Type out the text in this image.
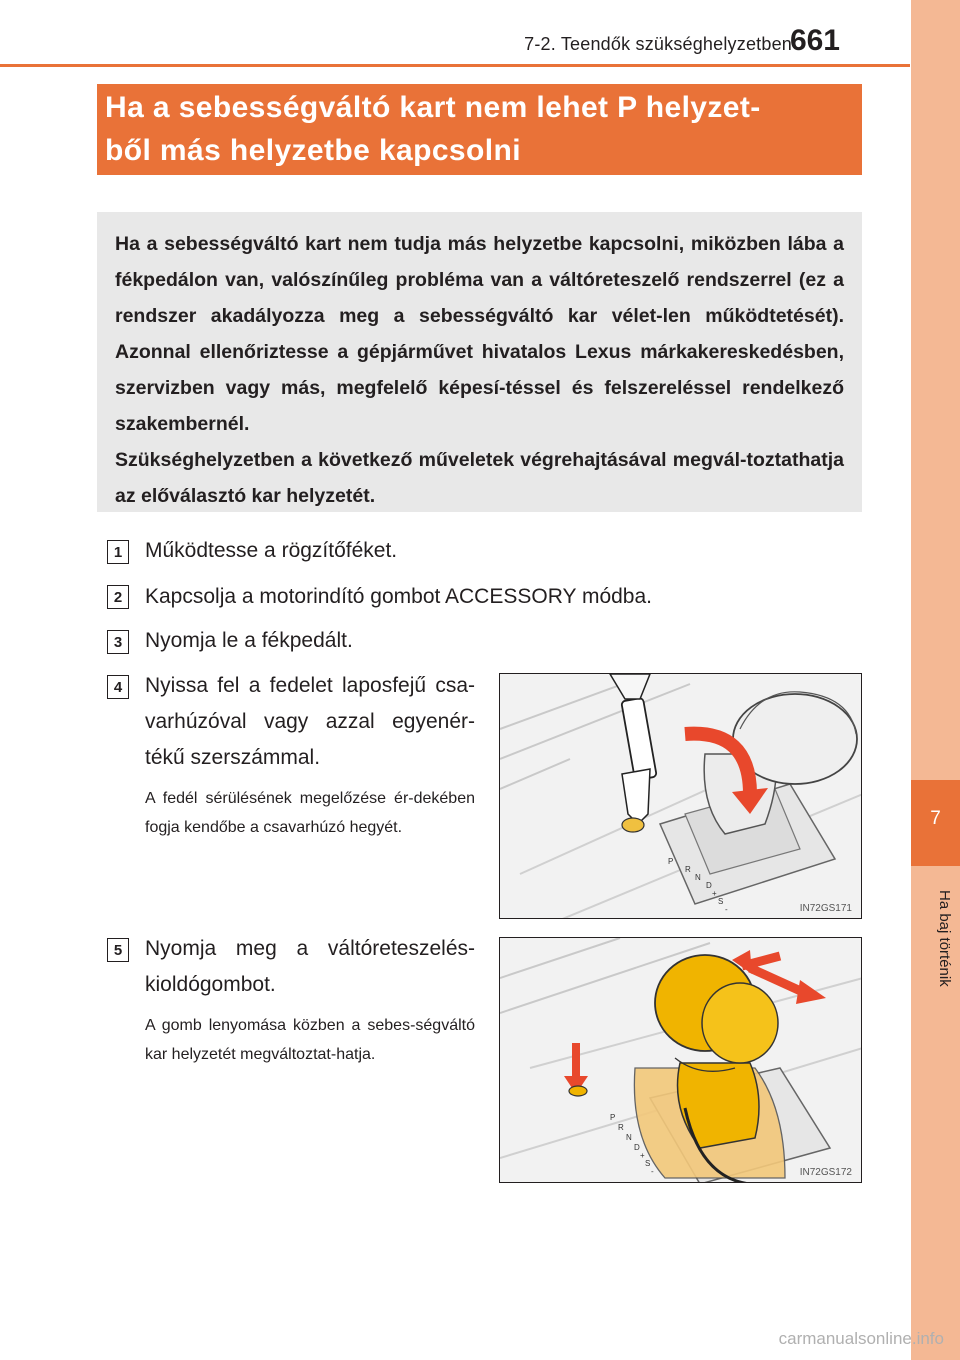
7-2. Teendők szükséghelyzetben
661
7
Ha baj történik
Ha a sebességváltó kart nem lehet P helyzet-
ből más helyzetbe kapcsolni

Ha a sebességváltó kart nem tudja más helyzetbe kapcsolni, miközben lába a fékpedálon van, valószínűleg probléma van a váltóreteszelő rendszerrel (ez a rendszer akadályozza meg a sebességváltó kar vélet-len működtetését). Azonnal ellenőriztesse a gépjárművet hivatalos Lexus márkakereskedésben, szervizben vagy más, megfelelő képesí-téssel és felszereléssel rendelkező szakembernél.

Szükséghelyzetben a következő műveletek végrehajtásával megvál-toztathatja az előválasztó kar helyzetét.

1	Működtesse a rögzítőféket.
2	Kapcsolja a motorindító gombot ACCESSORY módba.
3	Nyomja le a fékpedált.
4	Nyissa fel a fedelet laposfejű csa-varhúzóval vagy azzal egyenér-tékű szerszámmal.
A fedél sérülésének megelőzése ér-dekében fogja kendőbe a csavarhúzó hegyét.
P
R
N
D
+
S
-	IN72GS171
5	Nyomja meg a váltóreteszelés-kioldógombot.
A gomb lenyomása közben a sebes-ségváltó kar helyzetét megváltoztat-hatja.
P
R
N
D
+
S
-	IN72GS172
carmanualsonline.info
